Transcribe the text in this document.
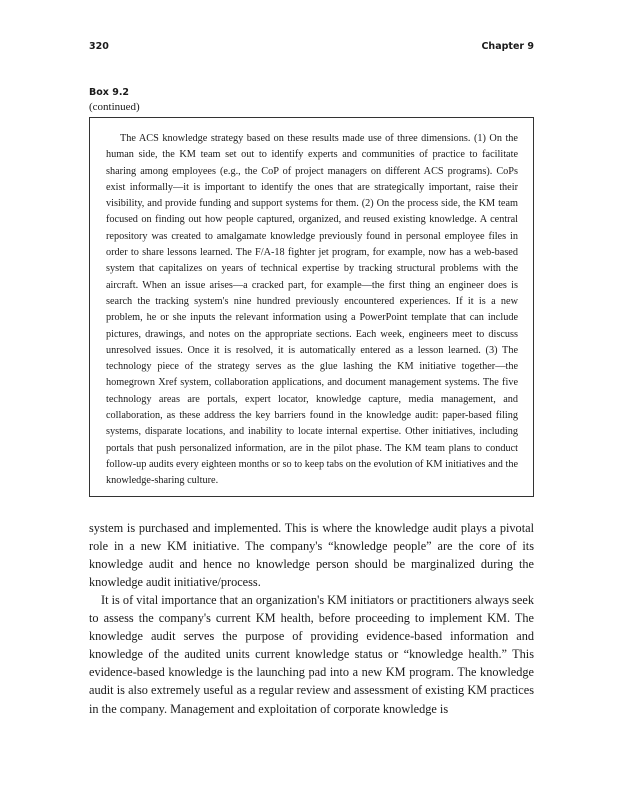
320	Chapter 9
Box 9.2
(continued)

The ACS knowledge strategy based on these results made use of three dimensions. (1) On the human side, the KM team set out to identify experts and communities of practice to facilitate sharing among employees (e.g., the CoP of project managers on different ACS programs). CoPs exist informally—it is important to identify the ones that are strategically important, raise their visibility, and provide funding and support systems for them. (2) On the process side, the KM team focused on finding out how people captured, organized, and reused existing knowledge. A central repository was created to amalgamate knowledge previously found in personal employee files in order to share lessons learned. The F/A-18 fighter jet program, for example, now has a web-based system that capitalizes on years of technical expertise by tracking structural problems with the aircraft. When an issue arises—a cracked part, for example—the first thing an engineer does is search the tracking system's nine hundred previously encountered experiences. If it is a new problem, he or she inputs the relevant information using a PowerPoint template that can include pictures, drawings, and notes on the appropriate sections. Each week, engineers meet to discuss unresolved issues. Once it is resolved, it is automatically entered as a lesson learned. (3) The technology piece of the strategy serves as the glue lashing the KM initiative together—the homegrown Xref system, collaboration applications, and document management systems. The five technology areas are portals, expert locator, knowledge capture, media management, and collaboration, as these address the key barriers found in the knowledge audit: paper-based filing systems, disparate locations, and inability to locate internal expertise. Other initiatives, including portals that push personalized information, are in the pilot phase. The KM team plans to conduct follow-up audits every eighteen months or so to keep tabs on the evolution of KM initiatives and the knowledge-sharing culture.

system is purchased and implemented. This is where the knowledge audit plays a pivotal role in a new KM initiative. The company's “knowledge people” are the core of its knowledge audit and hence no knowledge person should be marginalized during the knowledge audit initiative/process.

It is of vital importance that an organization's KM initiators or practitioners always seek to assess the company's current KM health, before proceeding to implement KM. The knowledge audit serves the purpose of providing evidence-based information and knowledge of the audited units current knowledge status or “knowledge health.” This evidence-based knowledge is the launching pad into a new KM program. The knowledge audit is also extremely useful as a regular review and assessment of existing KM practices in the company. Management and exploitation of corporate knowledge is
